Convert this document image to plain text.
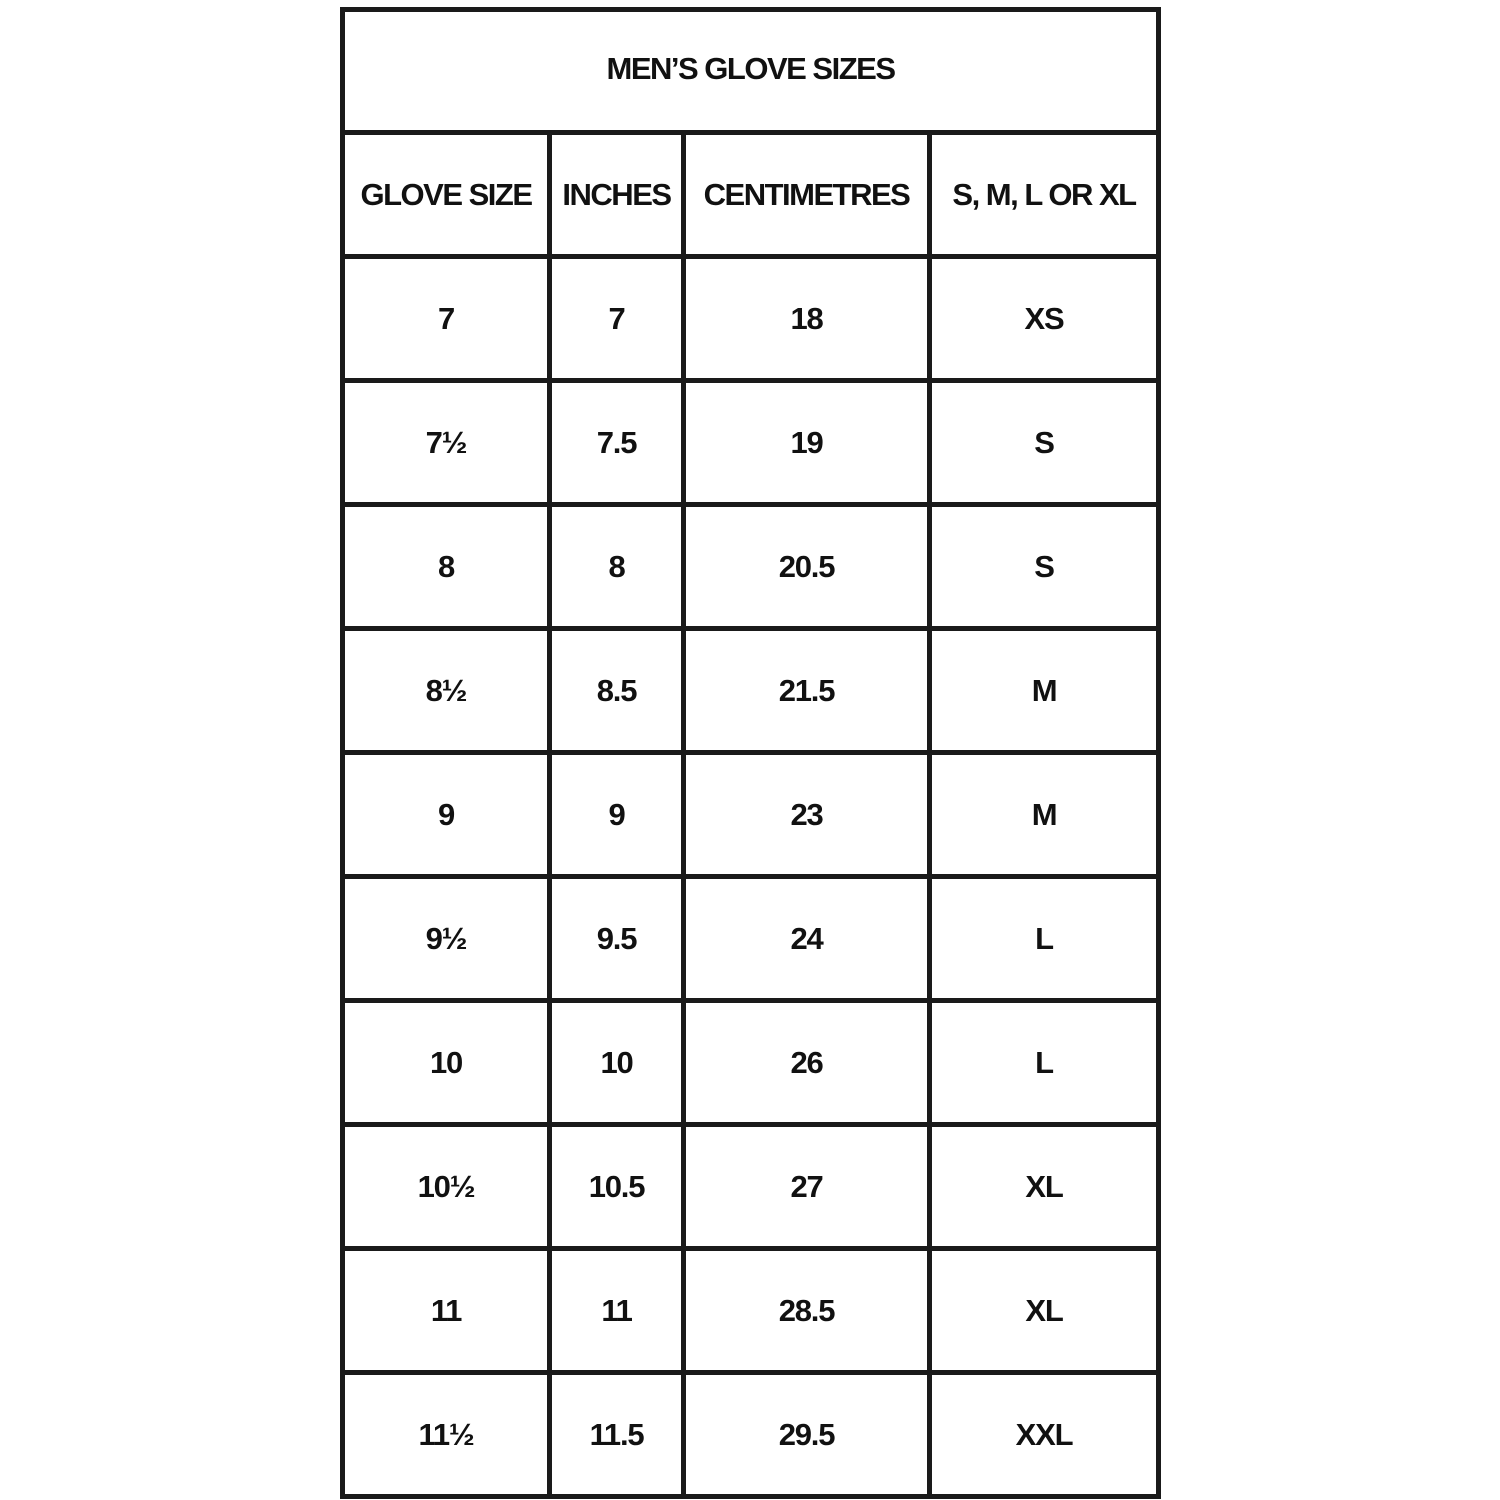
MEN’S GLOVE SIZES			
GLOVE SIZE	INCHES	CENTIMETRES	S, M, L OR XL
7	7	18	XS
7½	7.5	19	S
8	8	20.5	S
8½	8.5	21.5	M
9	9	23	M
9½	9.5	24	L
10	10	26	L
10½	10.5	27	XL
11	11	28.5	XL
11½	11.5	29.5	XXL
